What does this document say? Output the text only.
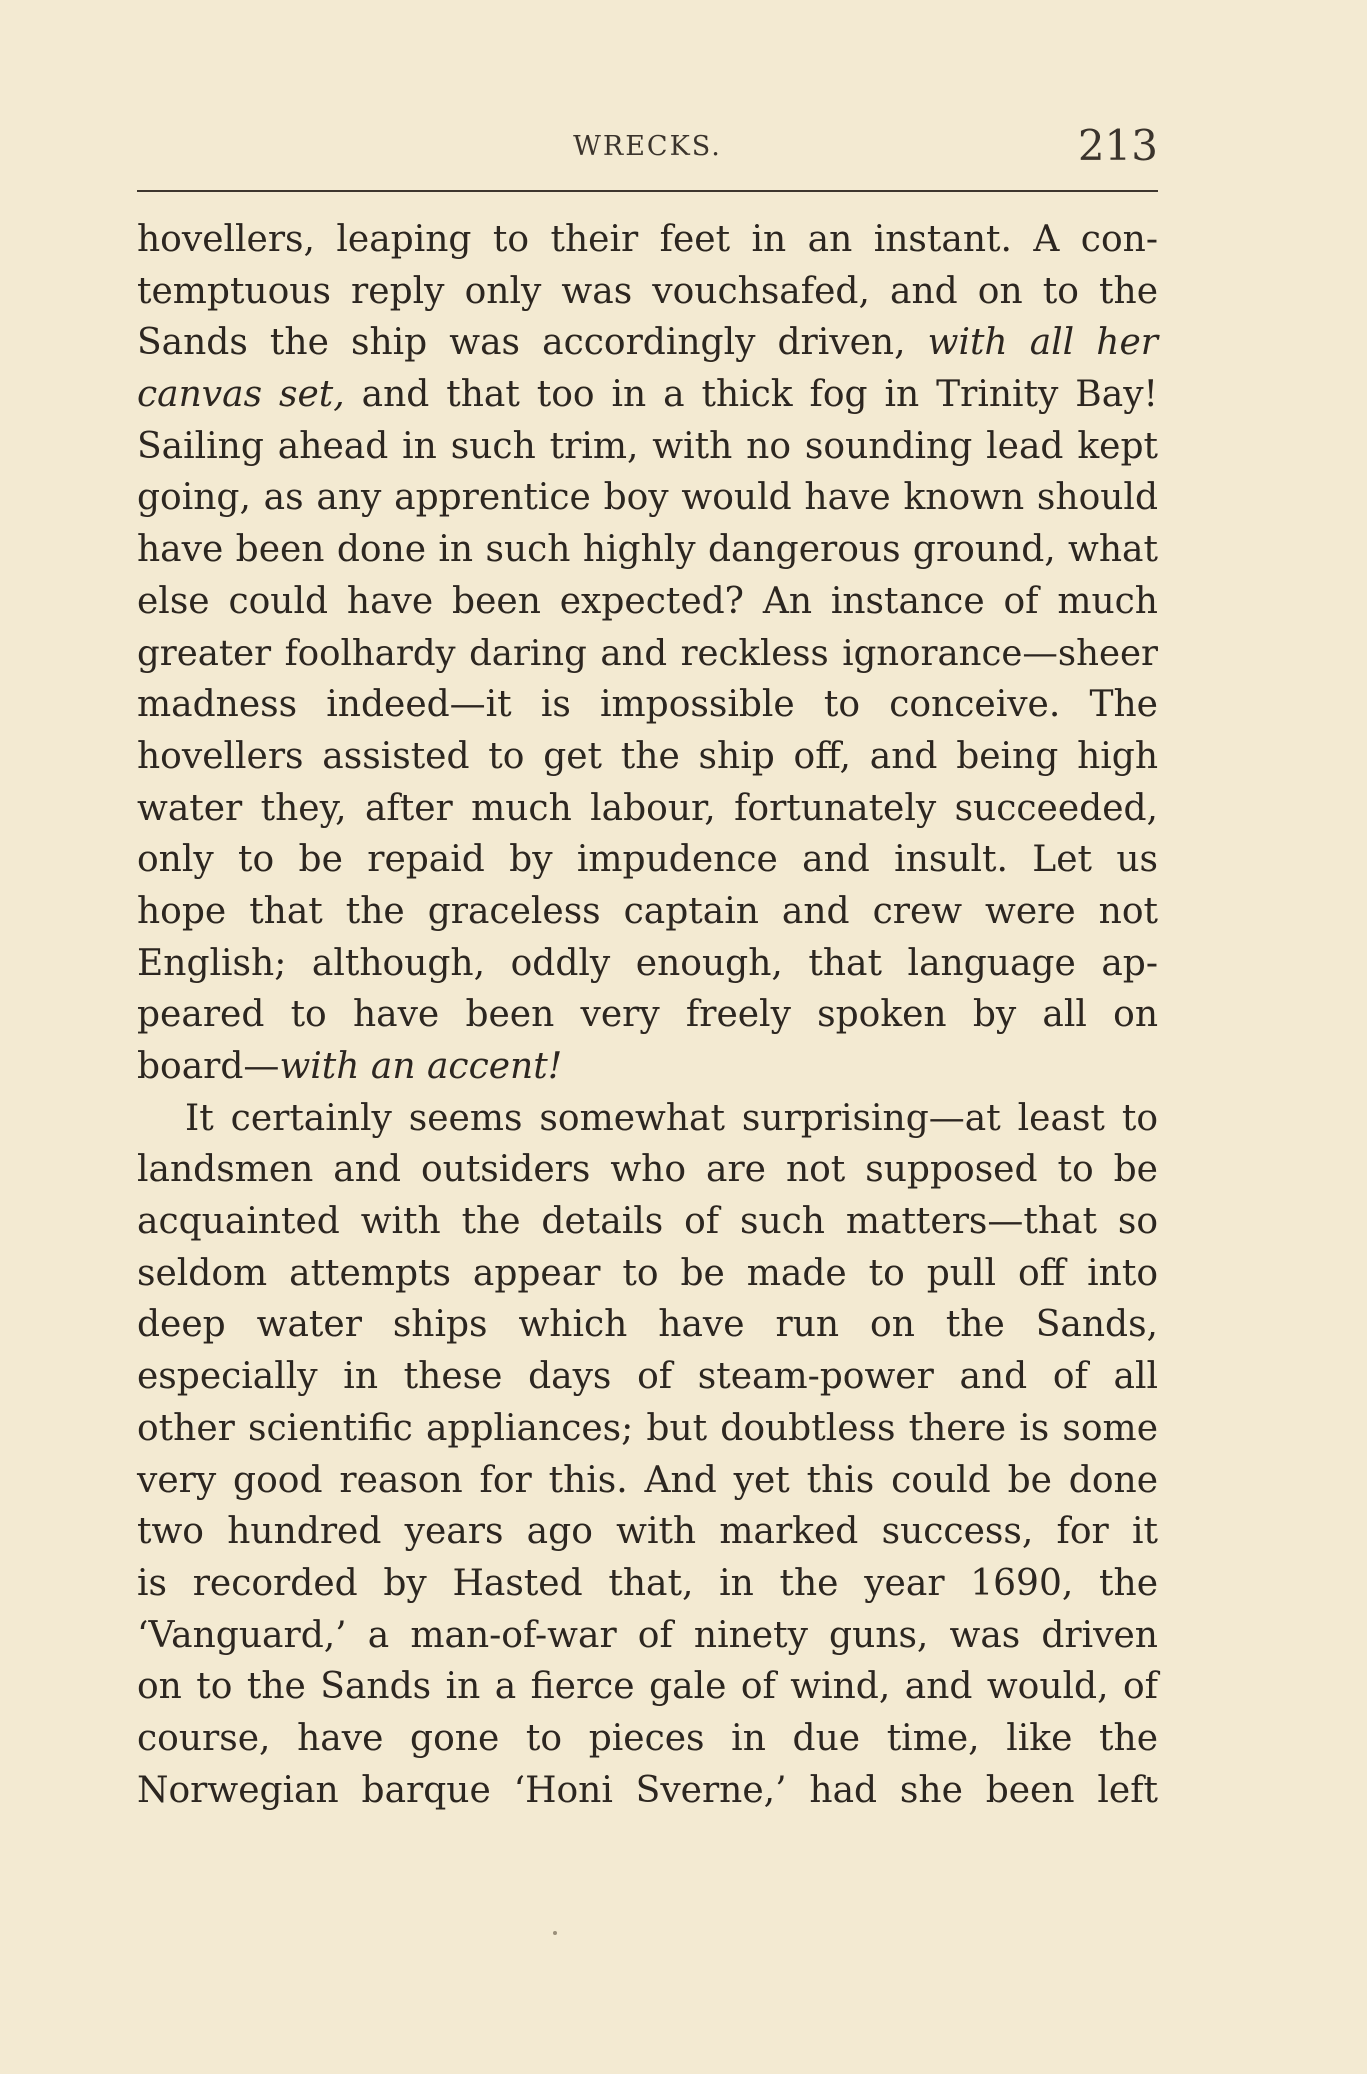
WRECKS.	213
hovellers, leaping to their feet in an instant. A con-
temptuous reply only was vouchsafed, and on to the
Sands the ship was accordingly driven, with all her
canvas set, and that too in a thick fog in Trinity Bay!
Sailing ahead in such trim, with no sounding lead kept
going, as any apprentice boy would have known should
have been done in such highly dangerous ground, what
else could have been expected? An instance of much
greater foolhardy daring and reckless ignorance—sheer
madness indeed—it is impossible to conceive. The
hovellers assisted to get the ship off, and being high
water they, after much labour, fortunately succeeded,
only to be repaid by impudence and insult. Let us
hope that the graceless captain and crew were not
English; although, oddly enough, that language ap-
peared to have been very freely spoken by all on
board—with an accent!
It certainly seems somewhat surprising—at least to
landsmen and outsiders who are not supposed to be
acquainted with the details of such matters—that so
seldom attempts appear to be made to pull off into
deep water ships which have run on the Sands,
especially in these days of steam-power and of all
other scientific appliances; but doubtless there is some
very good reason for this. And yet this could be done
two hundred years ago with marked success, for it
is recorded by Hasted that, in the year 1690, the
‘Vanguard,’ a man-of-war of ninety guns, was driven
on to the Sands in a fierce gale of wind, and would, of
course, have gone to pieces in due time, like the
Norwegian barque ‘Honi Sverne,’ had she been left
